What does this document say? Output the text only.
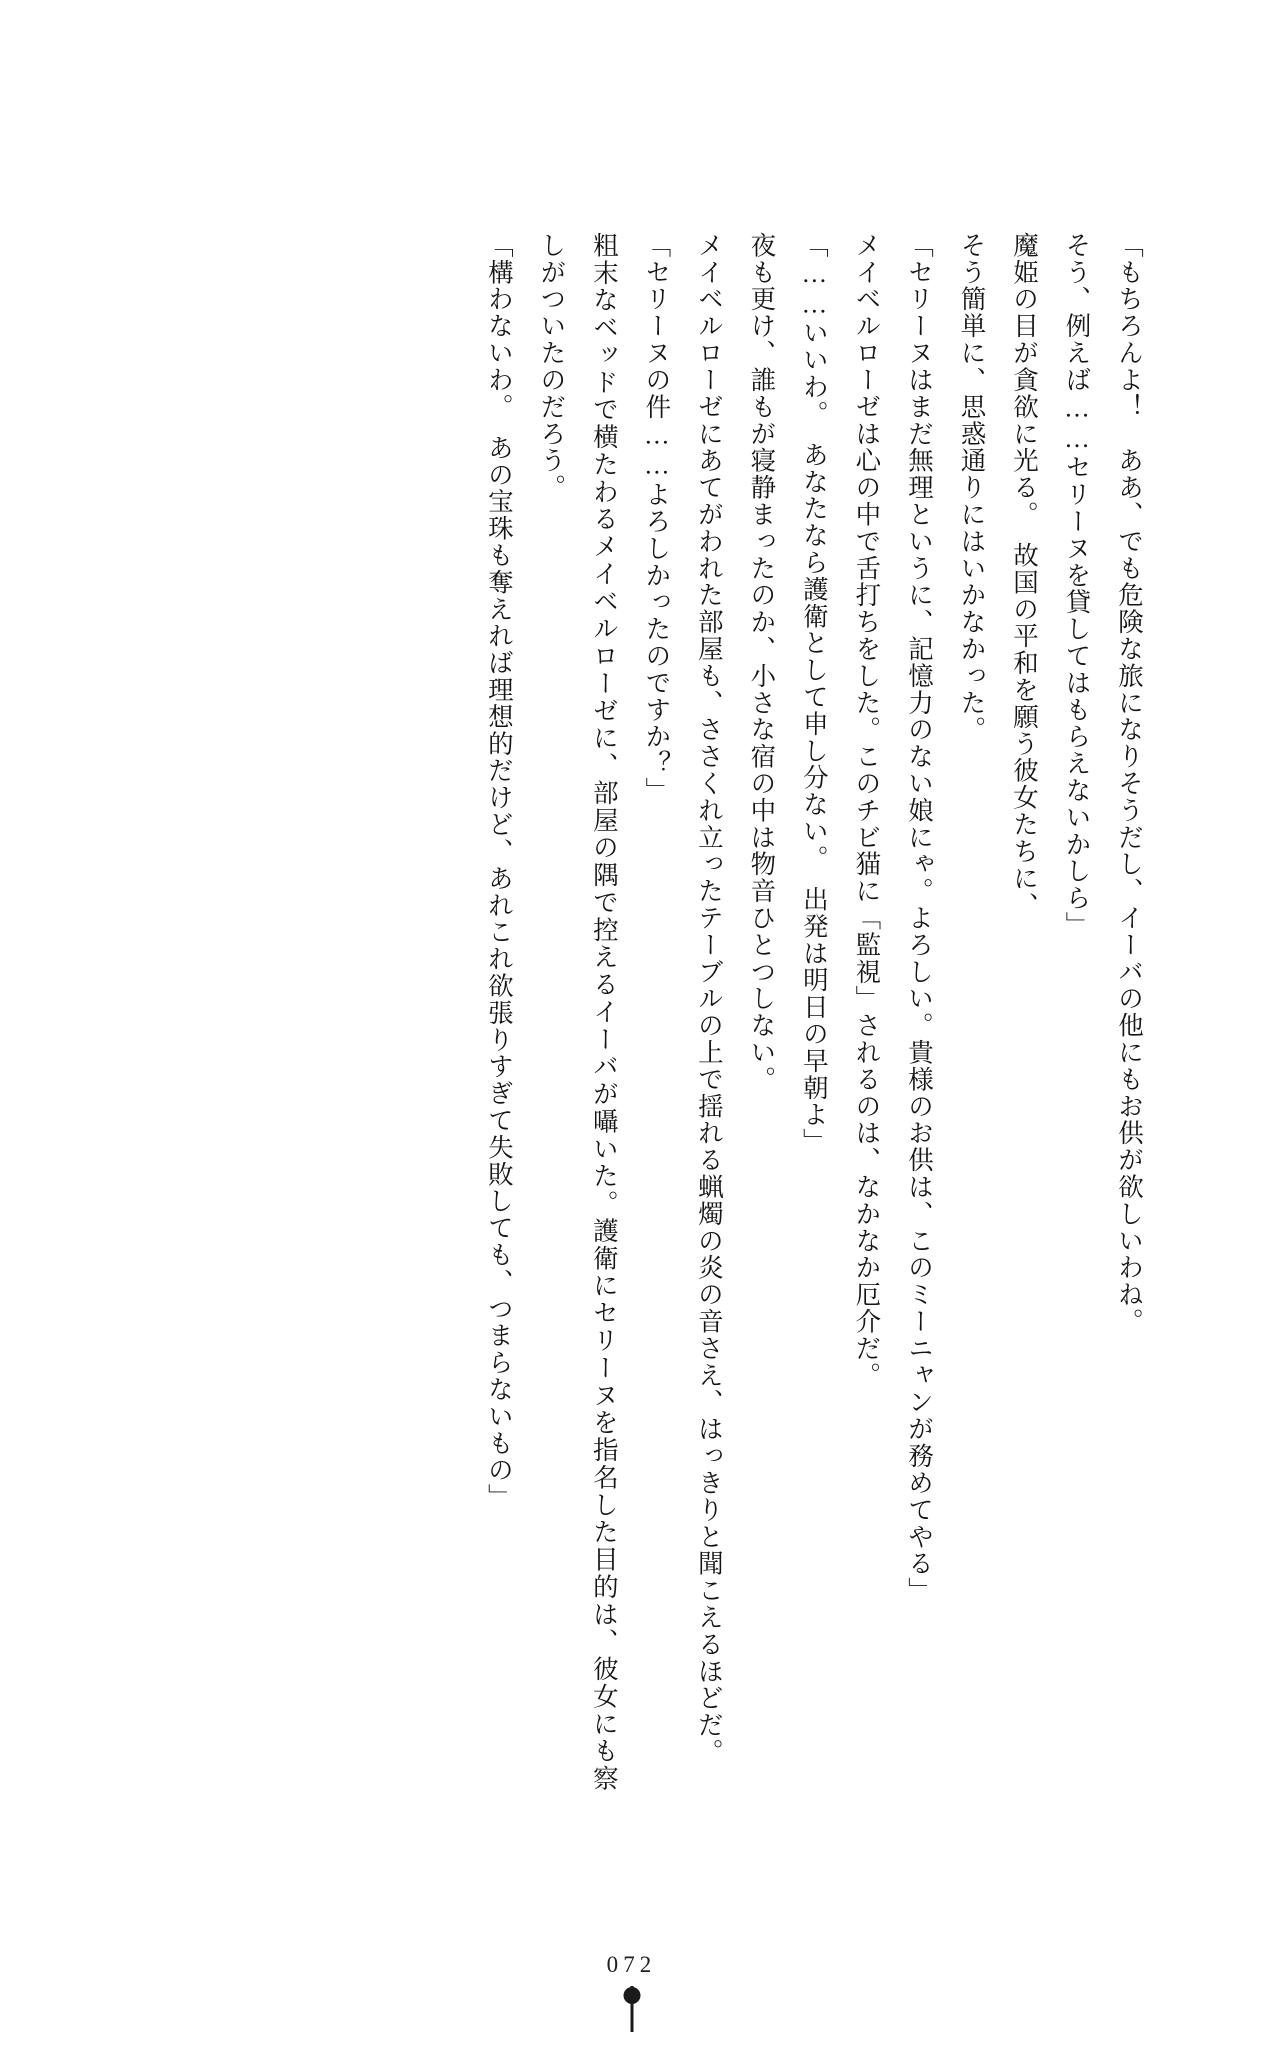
「もちろんよ！　ああ、でも危険な旅になりそうだし、イーバの他にもお供が欲しいわね。
そう、例えば……セリーヌを貸してはもらえないかしら」
魔姫の目が貪欲に光る。　故国の平和を願う彼女たちに、
そう簡単に、思惑通りにはいかなかった。
「セリーヌはまだ無理というに、記憶力のない娘にゃ。よろしい。貴様のお供は、このミーニャンが務めてやる」
メイベルローゼは心の中で舌打ちをした。このチビ猫に「監視」されるのは、なかなか厄介だ。
「……いいわ。　あなたなら護衛として申し分ない。　出発は明日の早朝よ」
夜も更け、誰もが寝静まったのか、小さな宿の中は物音ひとつしない。
メイベルローゼにあてがわれた部屋も、ささくれ立ったテーブルの上で揺れる蝋燭の炎の音さえ、はっきりと聞こえるほどだ。
「セリーヌの件……よろしかったのですか？」
粗末なベッドで横たわるメイベルローゼに、部屋の隅で控えるイーバが囁いた。護衛にセリーヌを指名した目的は、彼女にも察しがついたのだろう。
「構わないわ。　あの宝珠も奪えれば理想的だけど、あれこれ欲張りすぎて失敗しても、つまらないもの」
072
